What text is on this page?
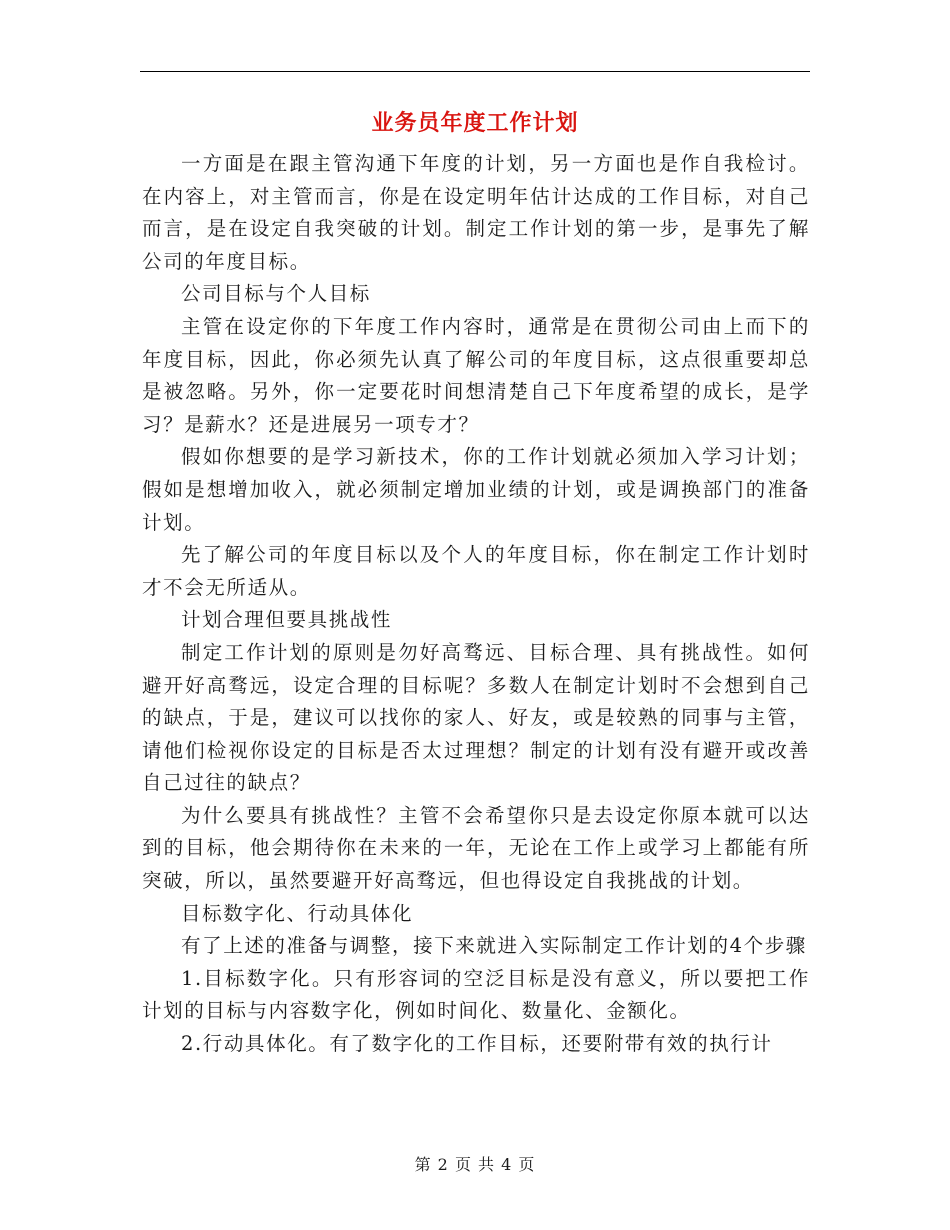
业务员年度工作计划

一方面是在跟主管沟通下年度的计划，另一方面也是作自我检讨。在内容上，对主管而言，你是在设定明年估计达成的工作目标，对自己而言，是在设定自我突破的计划。制定工作计划的第一步，是事先了解公司的年度目标。

公司目标与个人目标

主管在设定你的下年度工作内容时，通常是在贯彻公司由上而下的年度目标，因此，你必须先认真了解公司的年度目标，这点很重要却总是被忽略。另外，你一定要花时间想清楚自己下年度希望的成长，是学习？是薪水？还是进展另一项专才？

假如你想要的是学习新技术，你的工作计划就必须加入学习计划；假如是想增加收入，就必须制定增加业绩的计划，或是调换部门的准备计划。

先了解公司的年度目标以及个人的年度目标，你在制定工作计划时才不会无所适从。

计划合理但要具挑战性

制定工作计划的原则是勿好高骛远、目标合理、具有挑战性。如何避开好高骛远，设定合理的目标呢？多数人在制定计划时不会想到自己的缺点，于是，建议可以找你的家人、好友，或是较熟的同事与主管，请他们检视你设定的目标是否太过理想？制定的计划有没有避开或改善自己过往的缺点？

为什么要具有挑战性？主管不会希望你只是去设定你原本就可以达到的目标，他会期待你在未来的一年，无论在工作上或学习上都能有所突破，所以，虽然要避开好高骛远，但也得设定自我挑战的计划。

目标数字化、行动具体化

有了上述的准备与调整，接下来就进入实际制定工作计划的4个步骤

1.目标数字化。只有形容词的空泛目标是没有意义，所以要把工作计划的目标与内容数字化，例如时间化、数量化、金额化。

2.行动具体化。有了数字化的工作目标，还要附带有效的执行计

第 2 页 共 4 页
